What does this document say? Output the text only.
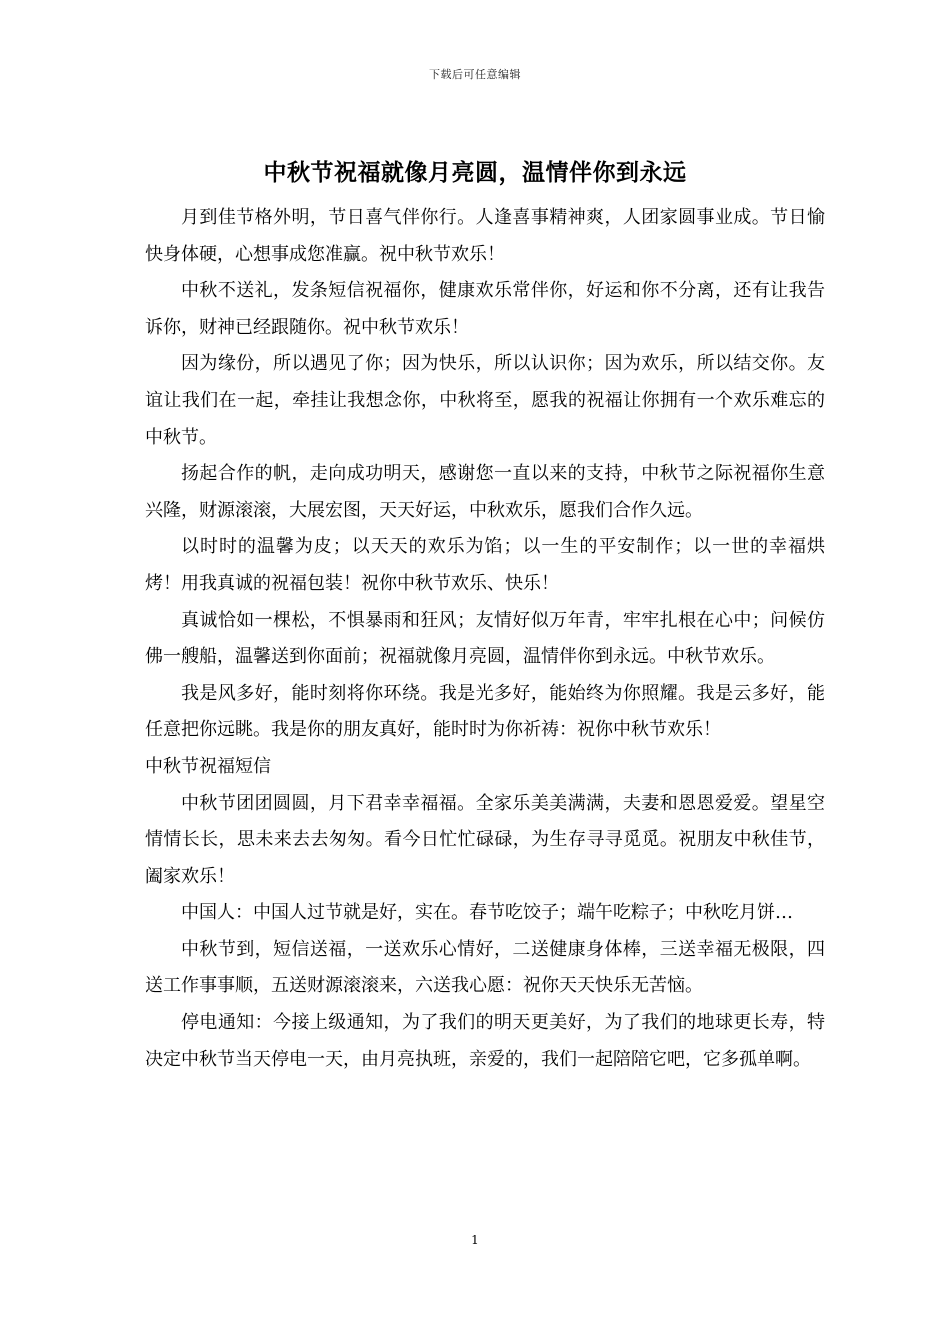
下载后可任意编辑
中秋节祝福就像月亮圆，温情伴你到永远

月到佳节格外明，节日喜气伴你行。人逢喜事精神爽，人团家圆事业成。节日愉快身体硬，心想事成您准赢。祝中秋节欢乐！

中秋不送礼，发条短信祝福你，健康欢乐常伴你，好运和你不分离，还有让我告诉你，财神已经跟随你。祝中秋节欢乐！

因为缘份，所以遇见了你；因为快乐，所以认识你；因为欢乐，所以结交你。友谊让我们在一起，牵挂让我想念你，中秋将至，愿我的祝福让你拥有一个欢乐难忘的中秋节。

扬起合作的帆，走向成功明天，感谢您一直以来的支持，中秋节之际祝福你生意兴隆，财源滚滚，大展宏图，天天好运，中秋欢乐，愿我们合作久远。

以时时的温馨为皮；以天天的欢乐为馅；以一生的平安制作；以一世的幸福烘烤！用我真诚的祝福包装！祝你中秋节欢乐、快乐！

真诚恰如一棵松，不惧暴雨和狂风；友情好似万年青，牢牢扎根在心中；问候仿佛一艘船，温馨送到你面前；祝福就像月亮圆，温情伴你到永远。中秋节欢乐。

我是风多好，能时刻将你环绕。我是光多好，能始终为你照耀。我是云多好，能任意把你远眺。我是你的朋友真好，能时时为你祈祷：祝你中秋节欢乐！

中秋节祝福短信

中秋节团团圆圆，月下君幸幸福福。全家乐美美满满，夫妻和恩恩爱爱。望星空情情长长，思未来去去匆匆。看今日忙忙碌碌，为生存寻寻觅觅。祝朋友中秋佳节，阖家欢乐！

中国人：中国人过节就是好，实在。春节吃饺子；端午吃粽子；中秋吃月饼…

中秋节到，短信送福，一送欢乐心情好，二送健康身体棒，三送幸福无极限，四送工作事事顺，五送财源滚滚来，六送我心愿：祝你天天快乐无苦恼。

停电通知：今接上级通知，为了我们的明天更美好，为了我们的地球更长寿，特决定中秋节当天停电一天，由月亮执班，亲爱的，我们一起陪陪它吧，它多孤单啊。

1
